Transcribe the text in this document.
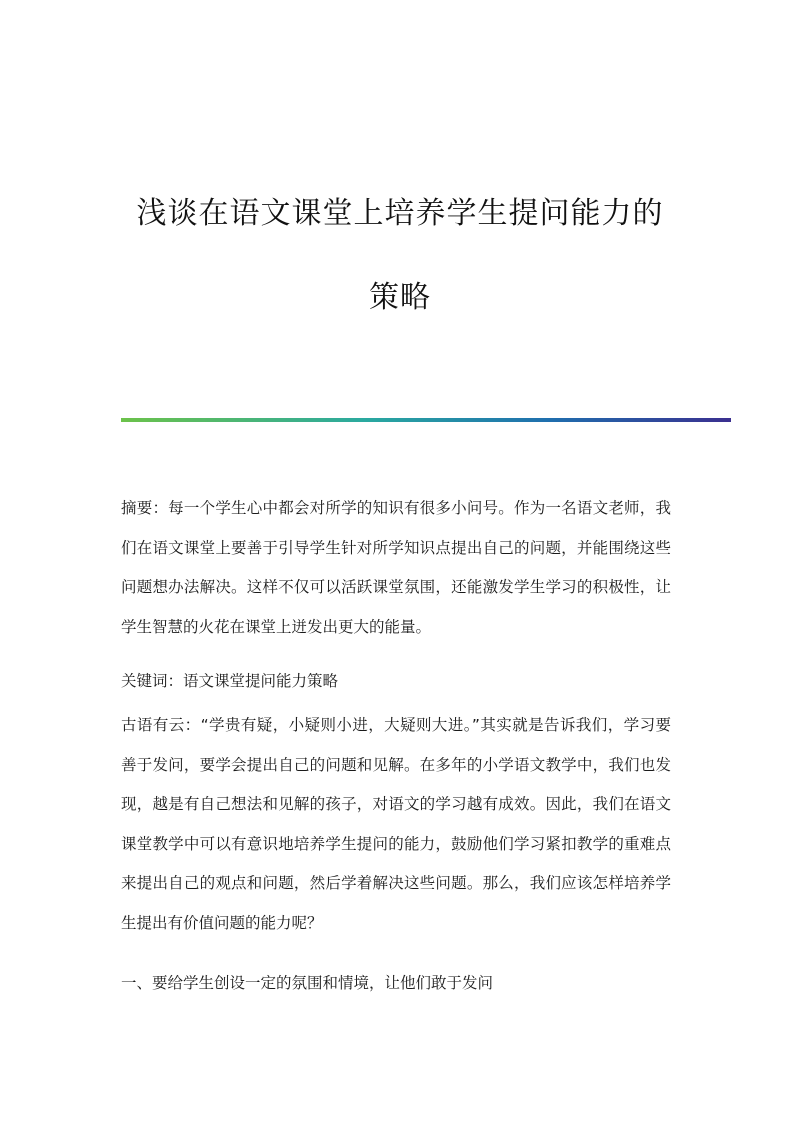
浅谈在语文课堂上培养学生提问能力的
策略

摘要：每一个学生心中都会对所学的知识有很多小问号。作为一名语文老师，我们在语文课堂上要善于引导学生针对所学知识点提出自己的问题，并能围绕这些问题想办法解决。这样不仅可以活跃课堂氛围，还能激发学生学习的积极性，让学生智慧的火花在课堂上迸发出更大的能量。

关键词：语文课堂提问能力策略

古语有云：“学贵有疑，小疑则小进，大疑则大进。”其实就是告诉我们，学习要善于发问，要学会提出自己的问题和见解。在多年的小学语文教学中，我们也发现，越是有自己想法和见解的孩子，对语文的学习越有成效。因此，我们在语文课堂教学中可以有意识地培养学生提问的能力，鼓励他们学习紧扣教学的重难点来提出自己的观点和问题，然后学着解决这些问题。那么，我们应该怎样培养学生提出有价值问题的能力呢？

一、要给学生创设一定的氛围和情境，让他们敢于发问
